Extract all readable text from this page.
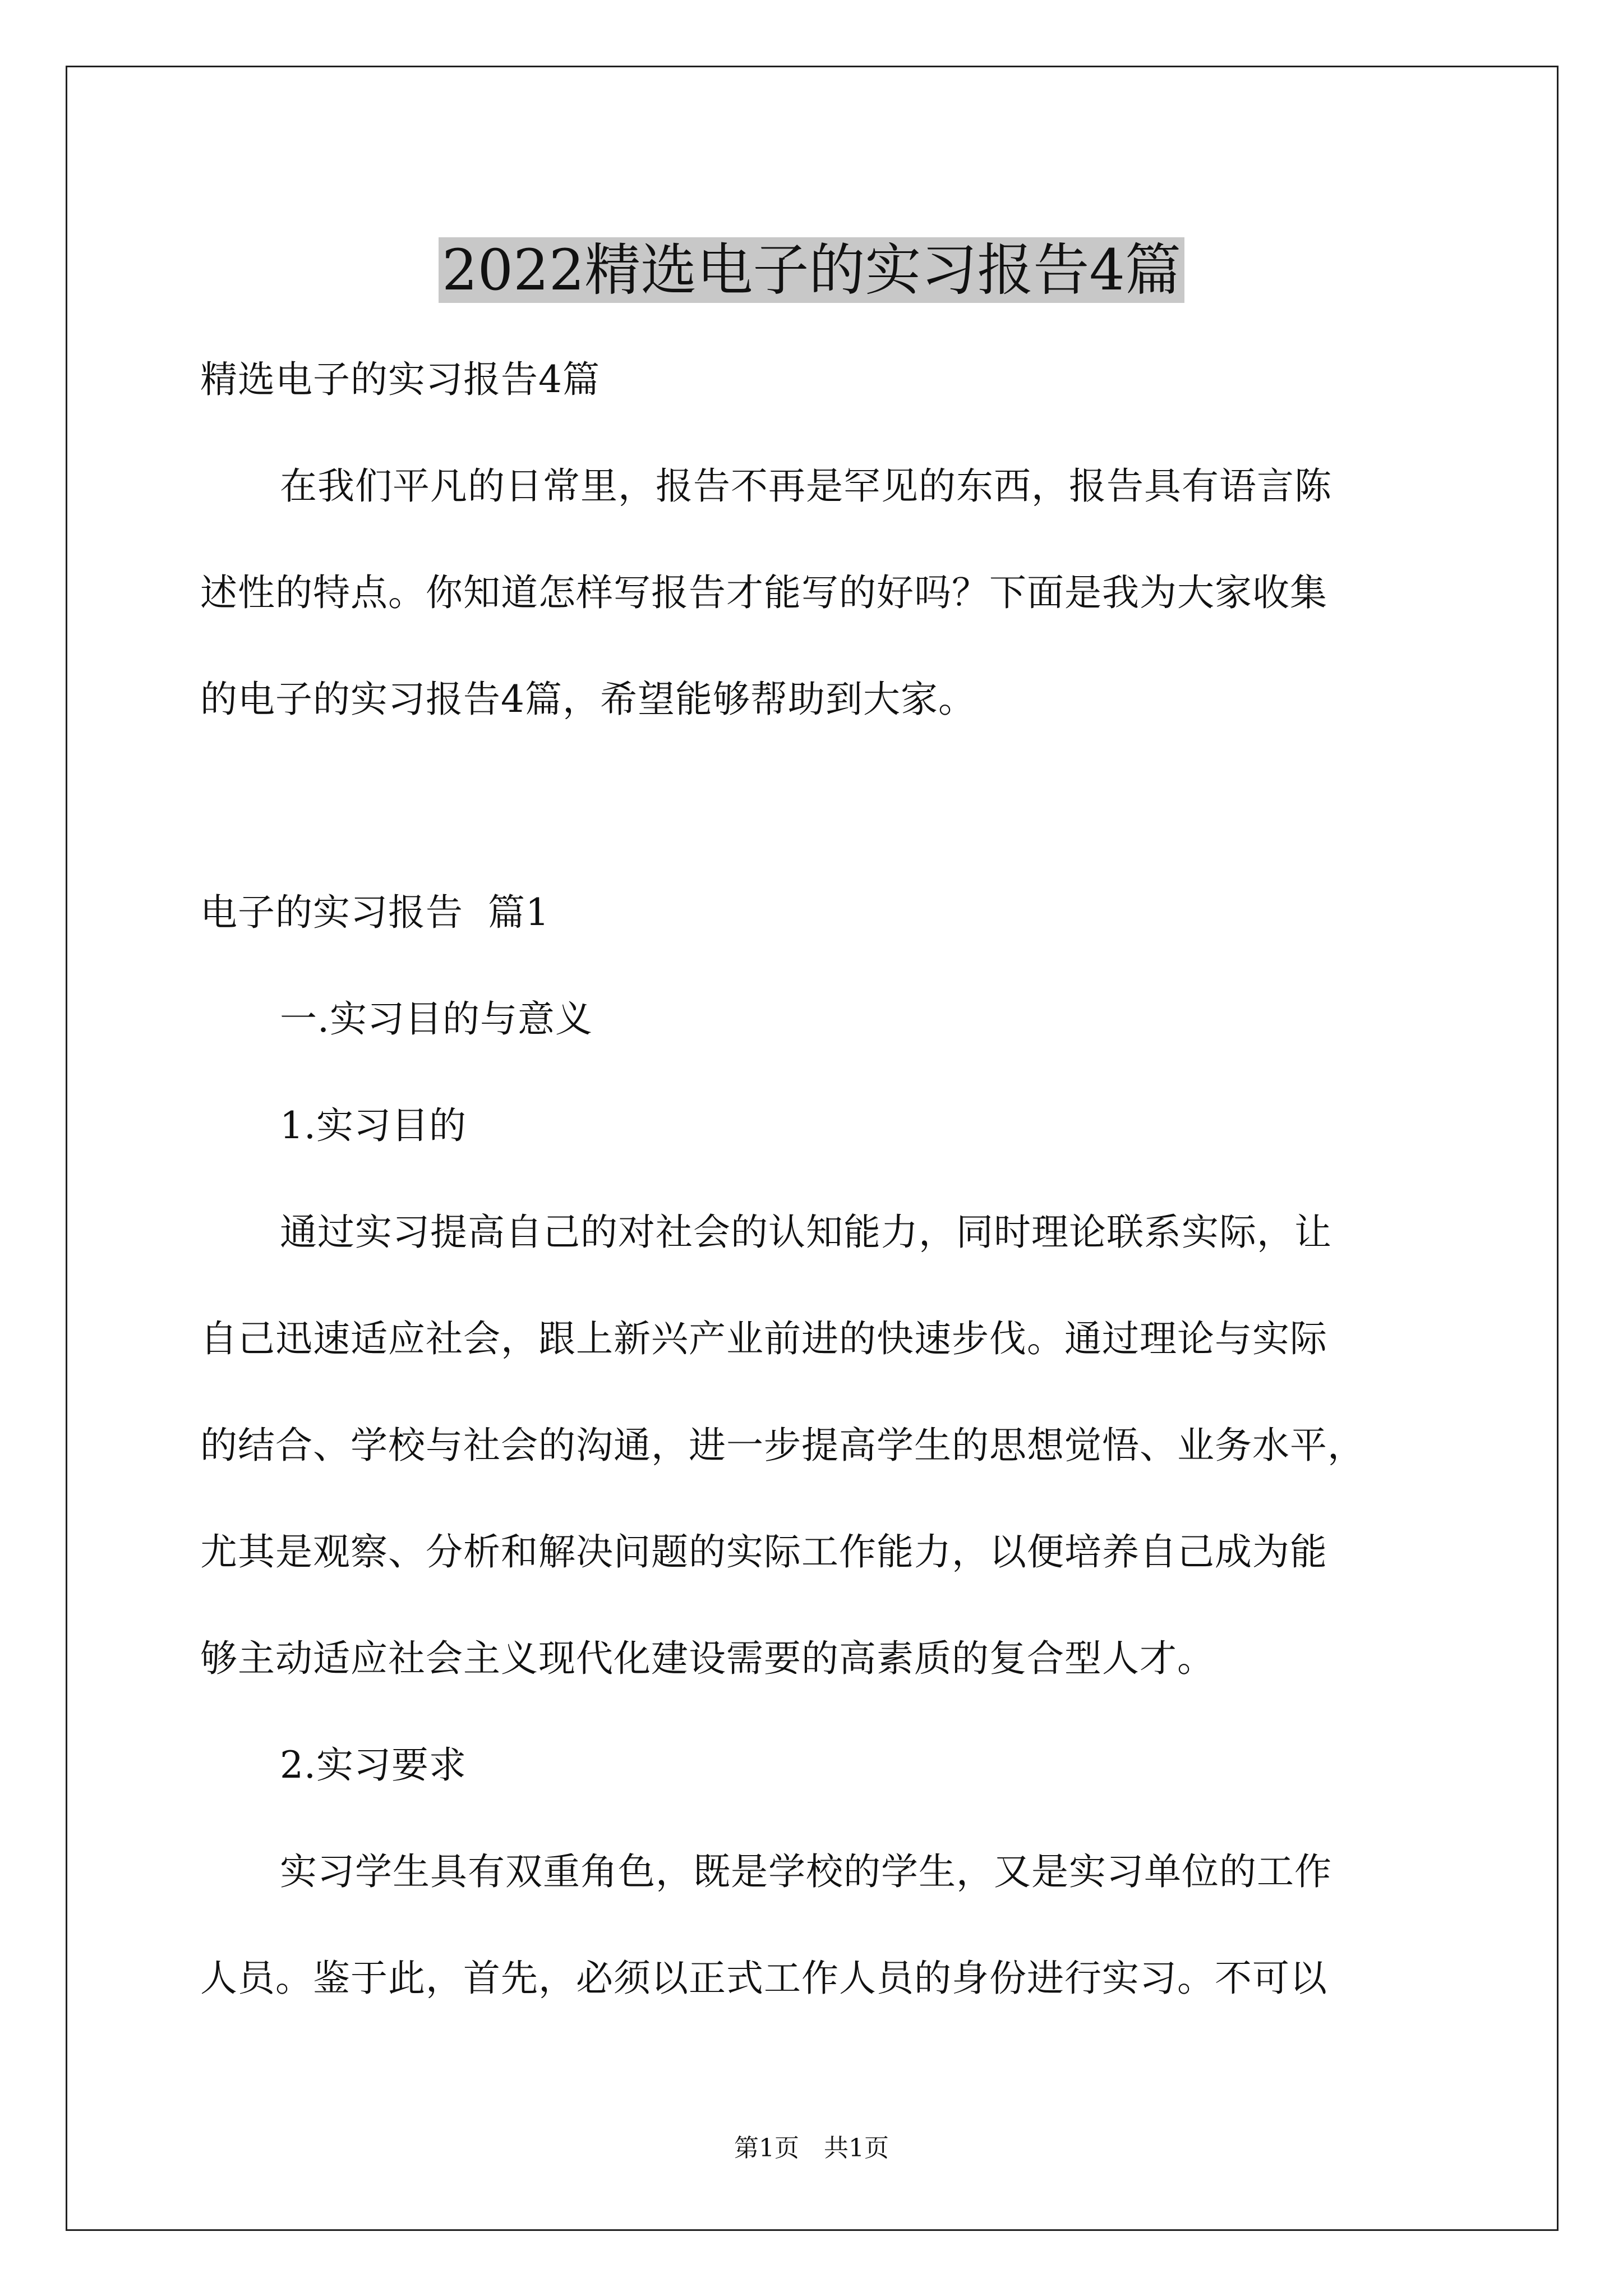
2022精选电子的实习报告4篇
精选电子的实习报告4篇
在我们平凡的日常里，报告不再是罕见的东西，报告具有语言陈
述性的特点。你知道怎样写报告才能写的好吗？下面是我为大家收集
的电子的实习报告4篇，希望能够帮助到大家。
电子的实习报告  篇1
一.实习目的与意义
1.实习目的
通过实习提高自己的对社会的认知能力，同时理论联系实际，让
自己迅速适应社会，跟上新兴产业前进的快速步伐。通过理论与实际
的结合、学校与社会的沟通，进一步提高学生的思想觉悟、业务水平，
尤其是观察、分析和解决问题的实际工作能力，以便培养自己成为能
够主动适应社会主义现代化建设需要的高素质的复合型人才。
2.实习要求
实习学生具有双重角色，既是学校的学生，又是实习单位的工作
人员。鉴于此，首先，必须以正式工作人员的身份进行实习。不可以
第1页 共1页
